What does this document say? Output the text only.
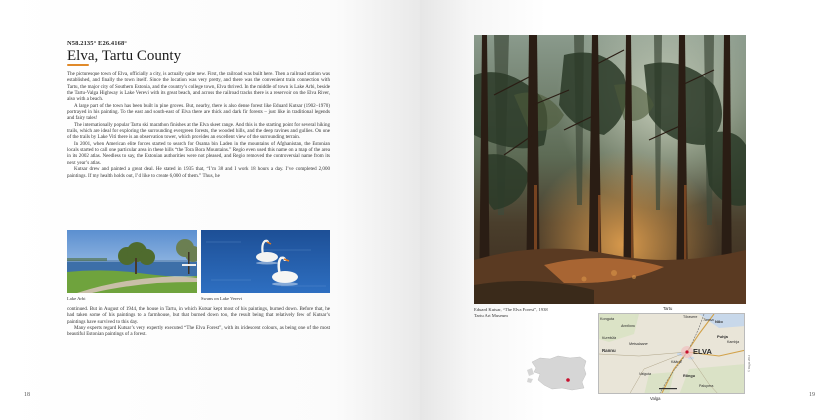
N58.2135° E26.4168°
Elva, Tartu County

The picturesque town of Elva, officially a city, is actually quite new. First, the railroad was built here. Then a railroad station was established, and finally the town itself. Since the location was very pretty, and there was the convenient train connection with Tartu, the major city of Southern Estonia, and the country’s college town, Elva thrived. In the middle of town is Lake Arbi, beside the Tartu-Valga Highway is Lake Verevi with its great beach, and across the railroad tracks there is a reservoir on the Elva River, also with a beach.

A large part of the town has been built in pine groves. But, nearby, there is also dense forest like Eduard Kutsar (1902–1970) portrayed in his painting. To the east and south-east of Elva there are thick and dark fir forests – just like in traditional legends and fairy tales!

The internationally popular Tartu ski marathon finishes at the Elva skeet range. And this is the starting point for several hiking trails, which are ideal for exploring the surrounding evergreen forests, the wooded hills, and the deep ravines and gullies. On one of the trails by Lake Vitì there is an observation tower, which provides an excellent view of the surrounding terrain.

In 2001, when American elite forces started to search for Osama bin Laden in the mountains of Afghanistan, the Estonian locals started to call one particular area in these hills “the Tora Bora Mountains.” Regio even used this name on a map of the area in its 2002 atlas. Needless to say, the Estonian authorities were not pleased, and Regio removed the controversial name from its next year’s atlas.

Kutsar drew and painted a great deal. He stated in 1935 that, “I’m 38 and I work 18 hours a day. I’ve completed 2,000 paintings. If my health holds out, I’d like to create 6,000 of them.” Thus, he

Lake Arbi	Swans on Lake Verevi

continued. But in August of 1944, the house in Tartu, in which Kutsar kept most of his paintings, burned down. Before that, he had taken some of his paintings to a farmhouse, but that burned down too, the result being that relatively few of Kutsar’s paintings have survived to this day.

Many experts regard Kutsar’s very expertly executed “The Elva Forest”, with its iridescent colours, as being one of the most beautiful Estonian paintings of a forest.

18	19
Eduard Kutsar, “The Elva Forest”, 1938
Tartu Art Museum
Tartu
Konguta
Annikoru
Kureküla
Metsalaane
Rannu
Käärdi
Puhja
Tamsa Nõo
Tõravere
Kambja
Valguta	Rõngu
Palupera
ELVA
Valga
© Regio 2012
